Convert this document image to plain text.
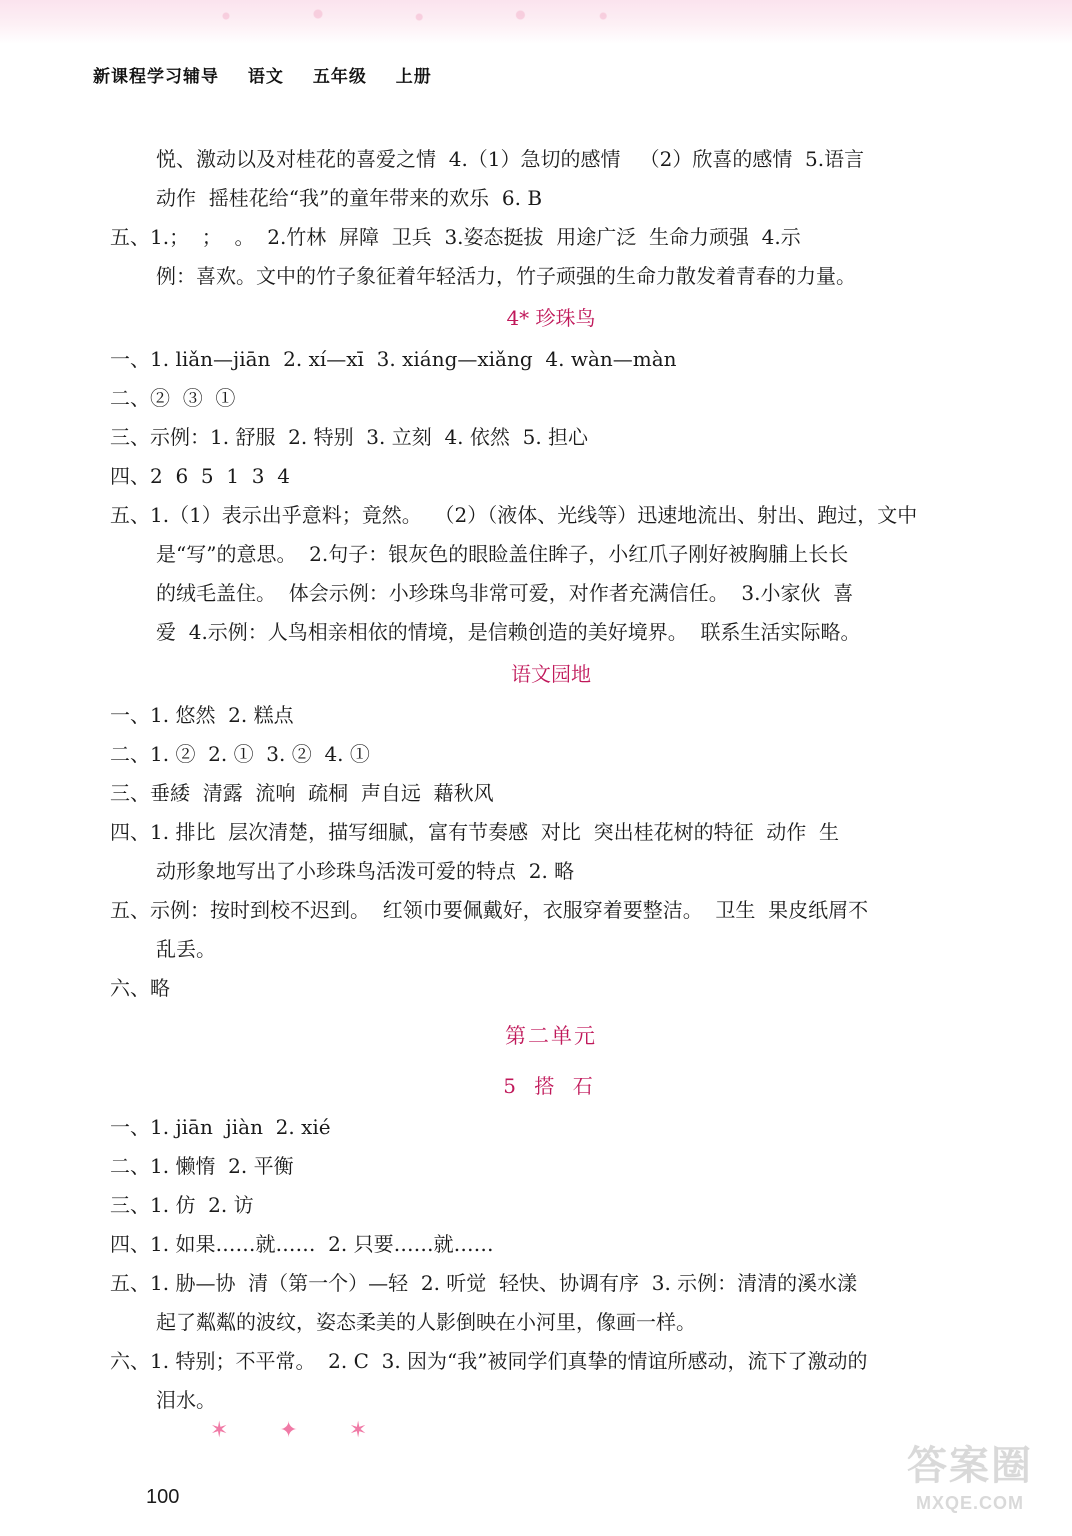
新课程学习辅导 语文 五年级 上册
悦、激动以及对桂花的喜爱之情  4.（1）急切的感情   （2）欣喜的感情  5.语言
动作  摇桂花给“我”的童年带来的欢乐  6. B
五、1.；  ；  。  2.竹林  屏障  卫兵  3.姿态挺拔  用途广泛  生命力顽强  4.示
例：喜欢。文中的竹子象征着年轻活力，竹子顽强的生命力散发着青春的力量。
4* 珍珠鸟
一、1. liǎn—jiān  2. xí—xī  3. xiáng—xiǎng  4. wàn—màn
二、②  ③  ①
三、示例：1. 舒服  2. 特别  3. 立刻  4. 依然  5. 担心
四、2  6  5  1  3  4
五、1.（1）表示出乎意料；竟然。  （2）（液体、光线等）迅速地流出、射出、跑过，文中
是“写”的意思。  2.句子：银灰色的眼睑盖住眸子，小红爪子刚好被胸脯上长长
的绒毛盖住。  体会示例：小珍珠鸟非常可爱，对作者充满信任。  3.小家伙  喜
爱  4.示例：人鸟相亲相依的情境，是信赖创造的美好境界。  联系生活实际略。
语文园地
一、1. 悠然  2. 糕点
二、1. ②  2. ①  3. ②  4. ①
三、垂緌  清露  流响  疏桐  声自远  藉秋风
四、1. 排比  层次清楚，描写细腻，富有节奏感  对比  突出桂花树的特征  动作  生
动形象地写出了小珍珠鸟活泼可爱的特点  2. 略
五、示例：按时到校不迟到。  红领巾要佩戴好，衣服穿着要整洁。  卫生  果皮纸屑不
乱丢。
六、略
第二单元
5 搭 石
一、1. jiān  jiàn  2. xié
二、1. 懒惰  2. 平衡
三、1. 仿  2. 访
四、1. 如果……就……  2. 只要……就……
五、1. 胁—协  清（第一个）—轻  2. 听觉  轻快、协调有序  3. 示例：清清的溪水漾
起了粼粼的波纹，姿态柔美的人影倒映在小河里，像画一样。
六、1. 特别；不平常。  2. C  3. 因为“我”被同学们真挚的情谊所感动，流下了激动的
泪水。
✶ ✦ ✶
100
答案圈
MXQE.COM
